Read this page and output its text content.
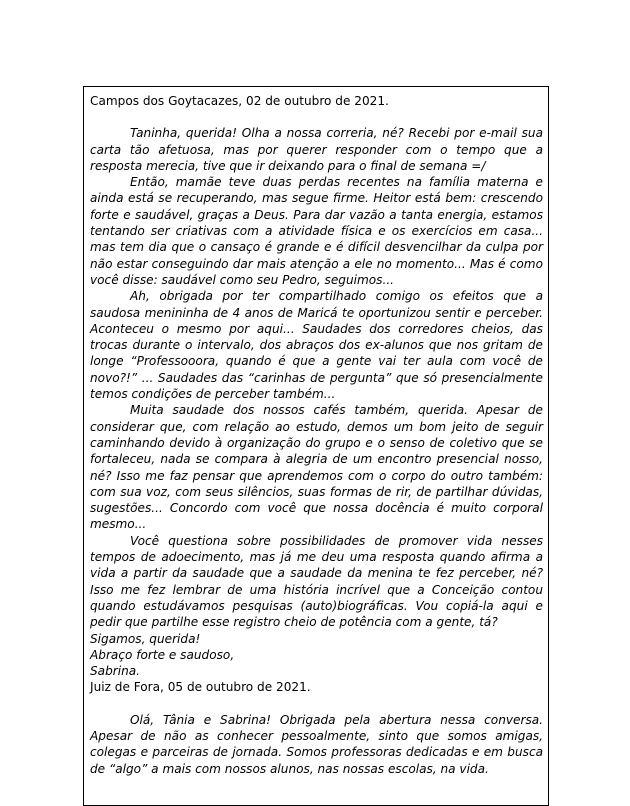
Campos dos Goytacazes, 02 de outubro de 2021.

Taninha, querida! Olha a nossa correria, né? Recebi por e-mail sua carta tão afetuosa, mas por querer responder com o tempo que a resposta merecia, tive que ir deixando para o final de semana =/

Então, mamãe teve duas perdas recentes na família materna e ainda está se recuperando, mas segue firme. Heitor está bem: crescendo forte e saudável, graças a Deus. Para dar vazão a tanta energia, estamos tentando ser criativas com a atividade física e os exercícios em casa... mas tem dia que o cansaço é grande e é difícil desvencilhar da culpa por não estar conseguindo dar mais atenção a ele no momento... Mas é como você disse: saudável como seu Pedro, seguimos...

Ah, obrigada por ter compartilhado comigo os efeitos que a saudosa menininha de 4 anos de Maricá te oportunizou sentir e perceber. Aconteceu o mesmo por aqui... Saudades dos corredores cheios, das trocas durante o intervalo, dos abraços dos ex-alunos que nos gritam de longe “Professooora, quando é que a gente vai ter aula com você de novo?!” ... Saudades das “carinhas de pergunta” que só presencialmente temos condições de perceber também...

Muita saudade dos nossos cafés também, querida. Apesar de considerar que, com relação ao estudo, demos um bom jeito de seguir caminhando devido à organização do grupo e o senso de coletivo que se fortaleceu, nada se compara à alegria de um encontro presencial nosso, né? Isso me faz pensar que aprendemos com o corpo do outro também: com sua voz, com seus silêncios, suas formas de rir, de partilhar dúvidas, sugestões... Concordo com você que nossa docência é muito corporal mesmo...

Você questiona sobre possibilidades de promover vida nesses tempos de adoecimento, mas já me deu uma resposta quando afirma a vida a partir da saudade que a saudade da menina te fez perceber, né? Isso me fez lembrar de uma história incrível que a Conceição contou quando estudávamos pesquisas (auto)biográficas. Vou copiá-la aqui e pedir que partilhe esse registro cheio de potência com a gente, tá?

Sigamos, querida!

Abraço forte e saudoso,

Sabrina.

Juiz de Fora, 05 de outubro de 2021.

Olá, Tânia e Sabrina! Obrigada pela abertura nessa conversa. Apesar de não as conhecer pessoalmente, sinto que somos amigas, colegas e parceiras de jornada. Somos professoras dedicadas e em busca de “algo” a mais com nossos alunos, nas nossas escolas, na vida.
